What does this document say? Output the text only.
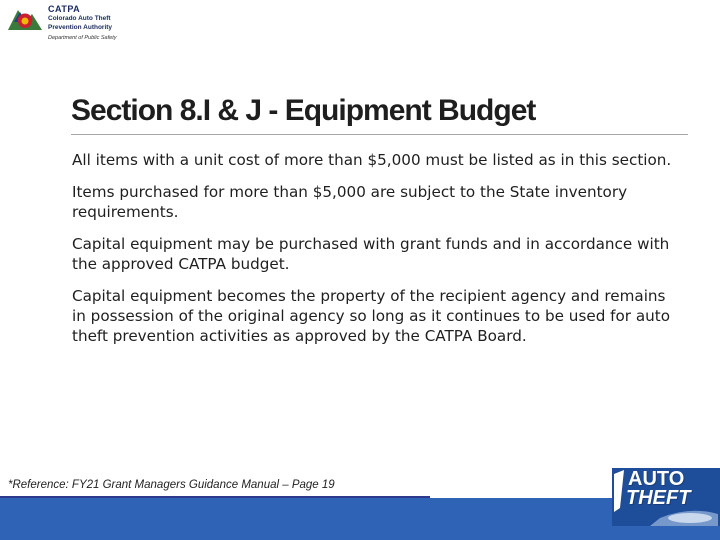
CATPA
Colorado Auto Theft
Prevention Authority
Department of Public Safety
Section 8.I & J - Equipment Budget

All items with a unit cost of more than $5,000 must be listed as in this section.

Items purchased for more than $5,000 are subject to the State inventory requirements.

Capital equipment may be purchased with grant funds and in accordance with the approved CATPA budget.

Capital equipment becomes the property of the recipient agency and remains in possession of the original agency so long as it continues to be used for auto theft prevention activities as approved by the CATPA Board.

*Reference: FY21 Grant Managers Guidance Manual – Page 19	AUTO
THEFT
